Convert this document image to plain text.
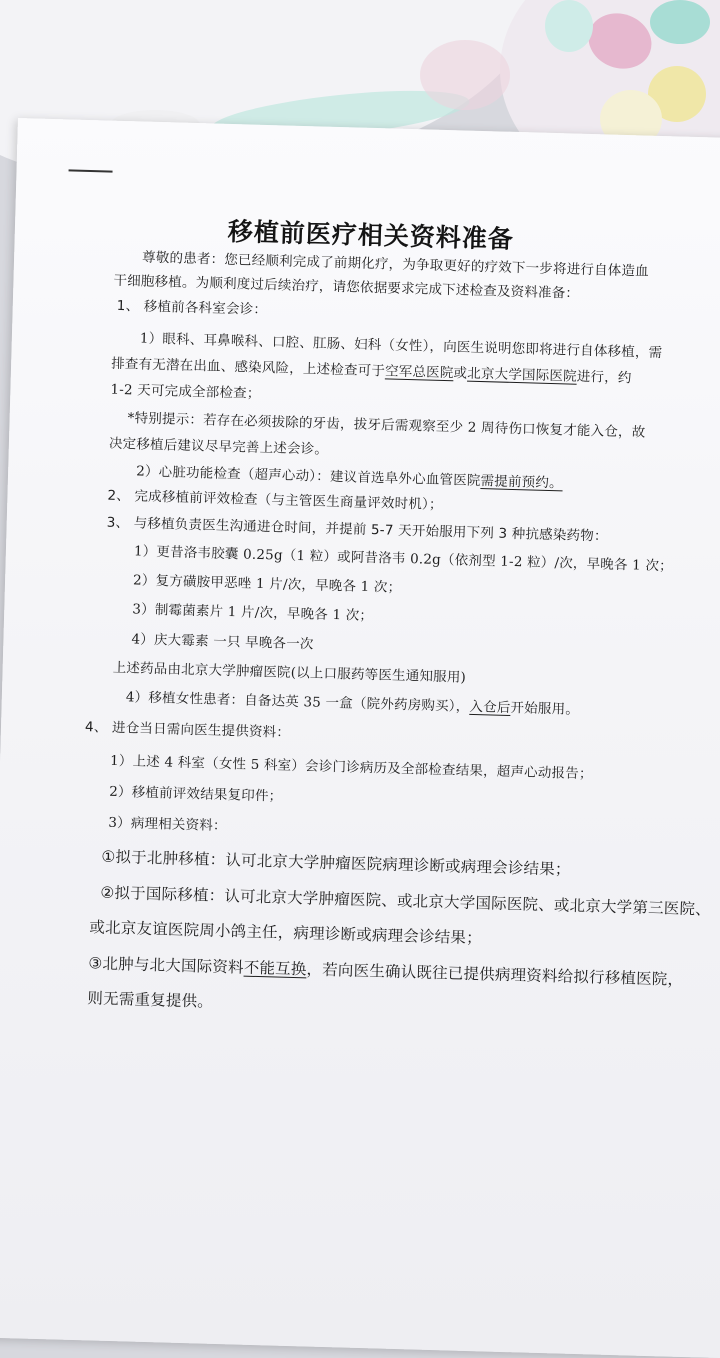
移植前医疗相关资料准备
尊敬的患者：您已经顺利完成了前期化疗，为争取更好的疗效下一步将进行自体造血
干细胞移植。为顺利度过后续治疗，请您依据要求完成下述检查及资料准备：
1、 移植前各科室会诊：
1）眼科、耳鼻喉科、口腔、肛肠、妇科（女性），向医生说明您即将进行自体移植，需
排查有无潜在出血、感染风险，上述检查可于空军总医院或北京大学国际医院进行，约
1-2 天可完成全部检查；
*特别提示：若存在必须拔除的牙齿，拔牙后需观察至少 2 周待伤口恢复才能入仓，故
决定移植后建议尽早完善上述会诊。
2）心脏功能检查（超声心动）：建议首选阜外心血管医院需提前预约。
2、 完成移植前评效检查（与主管医生商量评效时机）；
3、 与移植负责医生沟通进仓时间，并提前 5-7 天开始服用下列 3 种抗感染药物：
1）更昔洛韦胶囊 0.25g（1 粒）或阿昔洛韦 0.2g（依剂型 1-2 粒）/次，早晚各 1 次；
2）复方磺胺甲恶唑 1 片/次，早晚各 1 次；
3）制霉菌素片 1 片/次，早晚各 1 次；
4）庆大霉素 一只 早晚各一次
上述药品由北京大学肿瘤医院(以上口服药等医生通知服用)
4）移植女性患者：自备达英 35 一盒（院外药房购买），入仓后开始服用。
4、 进仓当日需向医生提供资料：
1）上述 4 科室（女性 5 科室）会诊门诊病历及全部检查结果，超声心动报告；
2）移植前评效结果复印件；
3）病理相关资料：
①拟于北肿移植：认可北京大学肿瘤医院病理诊断或病理会诊结果；
②拟于国际移植：认可北京大学肿瘤医院、或北京大学国际医院、或北京大学第三医院、
或北京友谊医院周小鸽主任，病理诊断或病理会诊结果；
③北肿与北大国际资料不能互换，若向医生确认既往已提供病理资料给拟行移植医院，
则无需重复提供。
